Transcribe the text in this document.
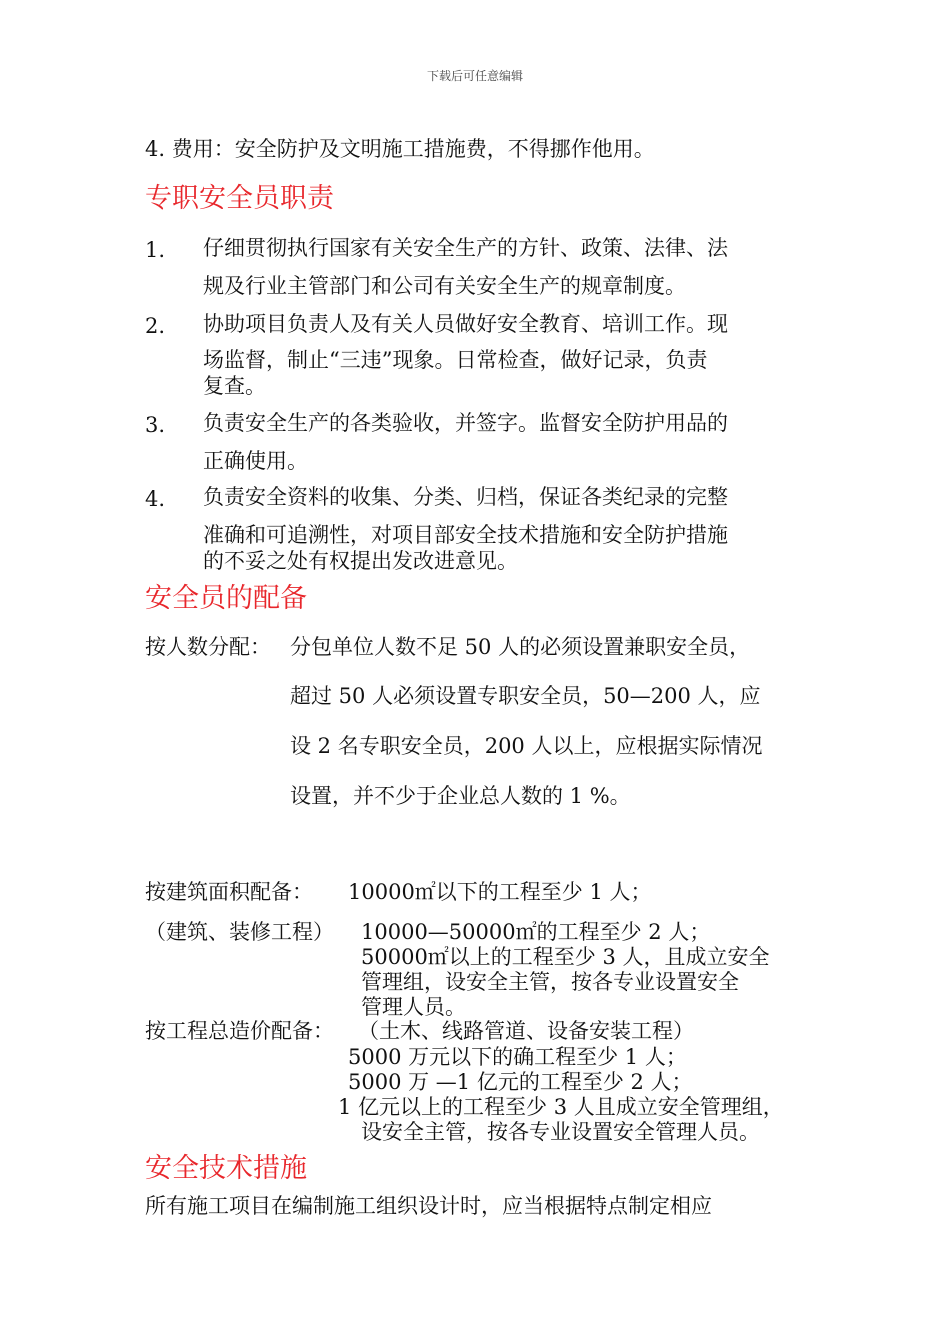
下载后可任意编辑
4. 费用：安全防护及文明施工措施费，不得挪作他用。
专职安全员职责
1. 仔细贯彻执行国家有关安全生产的方针、政策、法律、法
规及行业主管部门和公司有关安全生产的规章制度。
2. 协助项目负责人及有关人员做好安全教育、培训工作。现
场监督，制止“三违”现象。日常检查，做好记录，负责
复查。
3. 负责安全生产的各类验收，并签字。监督安全防护用品的
正确使用。
4. 负责安全资料的收集、分类、归档，保证各类纪录的完整
准确和可追溯性，对项目部安全技术措施和安全防护措施
的不妥之处有权提出发改进意见。
安全员的配备
按人数分配： 分包单位人数不足 50 人的必须设置兼职安全员，
超过 50 人必须设置专职安全员，50—200 人，应
设 2 名专职安全员，200 人以上，应根据实际情况
设置，并不少于企业总人数的 1 %。
按建筑面积配备： 10000㎡以下的工程至少 1 人；
（建筑、装修工程） 10000—50000㎡的工程至少 2 人；
50000㎡以上的工程至少 3 人，且成立安全
管理组，设安全主管，按各专业设置安全
管理人员。
按工程总造价配备： （土木、线路管道、设备安装工程）
5000 万元以下的确工程至少 1 人；
5000 万 —1 亿元的工程至少 2 人；
1 亿元以上的工程至少 3 人且成立安全管理组，
设安全主管，按各专业设置安全管理人员。
安全技术措施
所有施工项目在编制施工组织设计时，应当根据特点制定相应
